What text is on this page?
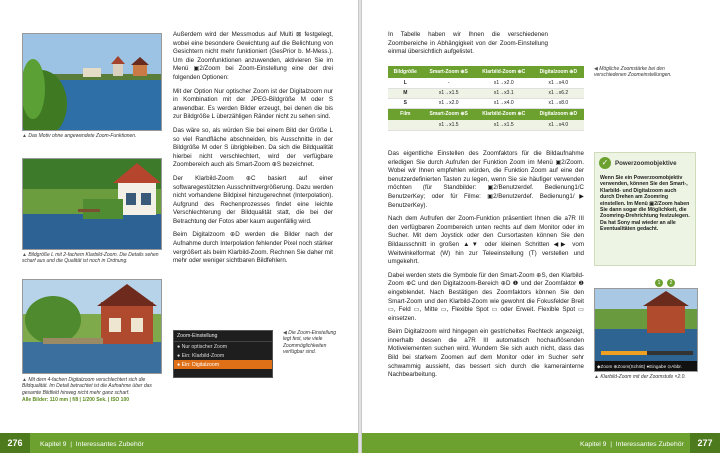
▲ Das Motiv ohne angewendete Zoom-Funktionen.
▲ Bildgröße L mit 2-fachem Klarbild-Zoom. Die Details sehen scharf aus und die Qualität ist noch in Ordnung.
▲ Mit dem 4-fachen Digitalzoom verschlechtert sich die Bildqualität. Im Detail betrachtet ist die Aufnahme über das gesamte Bildfeld hinweg nicht mehr ganz scharf.
Alle Bilder: 110 mm | f/8 | 1/200 Sek. | ISO 100

Außerdem wird der Messmodus auf Multi ⊠ festgelegt, wobei eine besondere Gewichtung auf die Belichtung von Gesichtern nicht mehr funktioniert (GesPrior b. M-Mess.). Um die Zoomfunktionen anzuwenden, aktivieren Sie im Menü ▣2/Zoom bei Zoom-Einstellung eine der drei folgenden Optionen:

Mit der Option Nur optischer Zoom ist der Digitalzoom nur in Kombination mit der JPEG-Bildgröße M oder S anwendbar. Es werden Bilder erzeugt, bei denen die bis zur Bildgröße L überzähligen Ränder nicht zu sehen sind.

Das wäre so, als würden Sie bei einem Bild der Größe L so viel Randfläche abschneiden, bis Ausschnitte in der Bildgröße M oder S übrigbleiben. Da sich die Bildqualität hierbei nicht verschlechtert, wird der verfügbare Zoombereich auch als Smart-Zoom ⊕S bezeichnet.

Der Klarbild-Zoom ⊕C basiert auf einer softwaregestützten Ausschnittvergrößerung. Dazu werden nicht vorhandene Bildpixel hinzugerechnet (Interpolation). Aufgrund des Rechenprozesses findet eine leichte Verschlechterung der Bildqualität statt, die bei der Betrachtung der Fotos aber kaum augenfällig wird.

Beim Digitalzoom ⊕D werden die Bilder nach der Aufnahme durch Interpolation fehlender Pixel noch stärker vergrößert als beim Klarbild-Zoom. Rechnen Sie daher mit mehr oder weniger sichtbaren Bildfehlern.

Zoom-Einstellung
● Nur optischer Zoom
● Ein: Klarbild-Zoom
● Ein: Digitalzoom
◀ Die Zoom-Einstellung legt fest, wie viele Zoommöglichkeiten verfügbar sind.
276	Kapitel 9  |  Interessantes Zubehör
In Tabelle haben wir Ihnen die verschiedenen Zoombereiche in Abhängigkeit von der Zoom-Einstellung einmal übersichtlich aufgelistet.
Bildgröße	Smart-Zoom ⊕S	Klarbild-Zoom ⊕C	Digitalzoom ⊕D
L	-	x1→x2.0	x1→x4.0
M	x1→x1.5	x1→x3.1	x1→x6.2
S	x1→x2.0	x1→x4.0	x1→x8.0
Film	Smart-Zoom ⊕S	Klarbild-Zoom ⊕C	Digitalzoom ⊕D
	x1→x1.5	x1→x1.5	x1→x4.0
◀ Mögliche Zoomstärke bei den verschiedenen Zoomeinstellungen.

Das eigentliche Einstellen des Zoomfaktors für die Bildaufnahme erledigen Sie durch Aufrufen der Funktion Zoom im Menü ▣2/Zoom. Wobei wir Ihnen empfehlen würden, die Funktion Zoom auf eine der benutzerdefinierten Tasten zu legen, wenn Sie sie häufiger verwenden möchten (für Standbilder: ▣2/Benutzerdef. Bedienung1/C BenutzerKey; oder für Filme: ▣2/Benutzerdef. Bedienung1/▶ BenutzerKey).

Nach dem Aufrufen der Zoom-Funktion präsentiert Ihnen die a7R III den verfügbaren Zoombereich unten rechts auf dem Monitor oder im Sucher. Mit dem Joystick oder den Cursortasten können Sie den Bildausschnitt in großen ▲▼ oder kleinen Schritten ◀▶ vom Weitwinkelformat (W) hin zur Teleeinstellung (T) verstellen und umgekehrt.

Dabei werden stets die Symbole für den Smart-Zoom ⊕S, den Klarbild-Zoom ⊕C und den Digitalzoom-Bereich ⊕D ❶ und der Zoomfaktor ❷ eingeblendet. Nach Bestätigen des Zoomfaktors können Sie den Smart-Zoom und den Klarbild-Zoom wie gewohnt die Fokusfelder Breit ▭, Feld ▭, Mitte ▭, Flexible Spot ▭ oder Erweit. Flexible Spot ▭ einsetzen.

Beim Digitalzoom wird hingegen ein gestricheltes Rechteck angezeigt, innerhalb dessen die a7R III automatisch hochauflösenden Motivelementen suchen wird. Wundern Sie sich auch nicht, dass das Bild bei starkem Zoomen auf dem Monitor oder im Sucher sehr schwammig aussieht, das bessert sich durch die kamerainterne Nachbearbeitung.

✓	Powerzoomobjektive
Wenn Sie ein Powerzoomobjektiv verwenden, können Sie den Smart-, Klarbild- und Digitalzoom auch durch Drehen am Zoomring einstellen. Im Menü ▣2/Zoom haben Sie dann sogar die Möglichkeit, die Zoomring-Drehrichtung festzulegen. Da hat Sony mal wieder an alle Eventualitäten gedacht.
◆Zoom ⊕Zoom(Schritt) ●Eingabe ⊙Abbr.
1	2
▲ Klarbild-Zoom mit der Zoomstufe ×2.0.
Kapitel 9  |  Interessantes Zubehör	277
